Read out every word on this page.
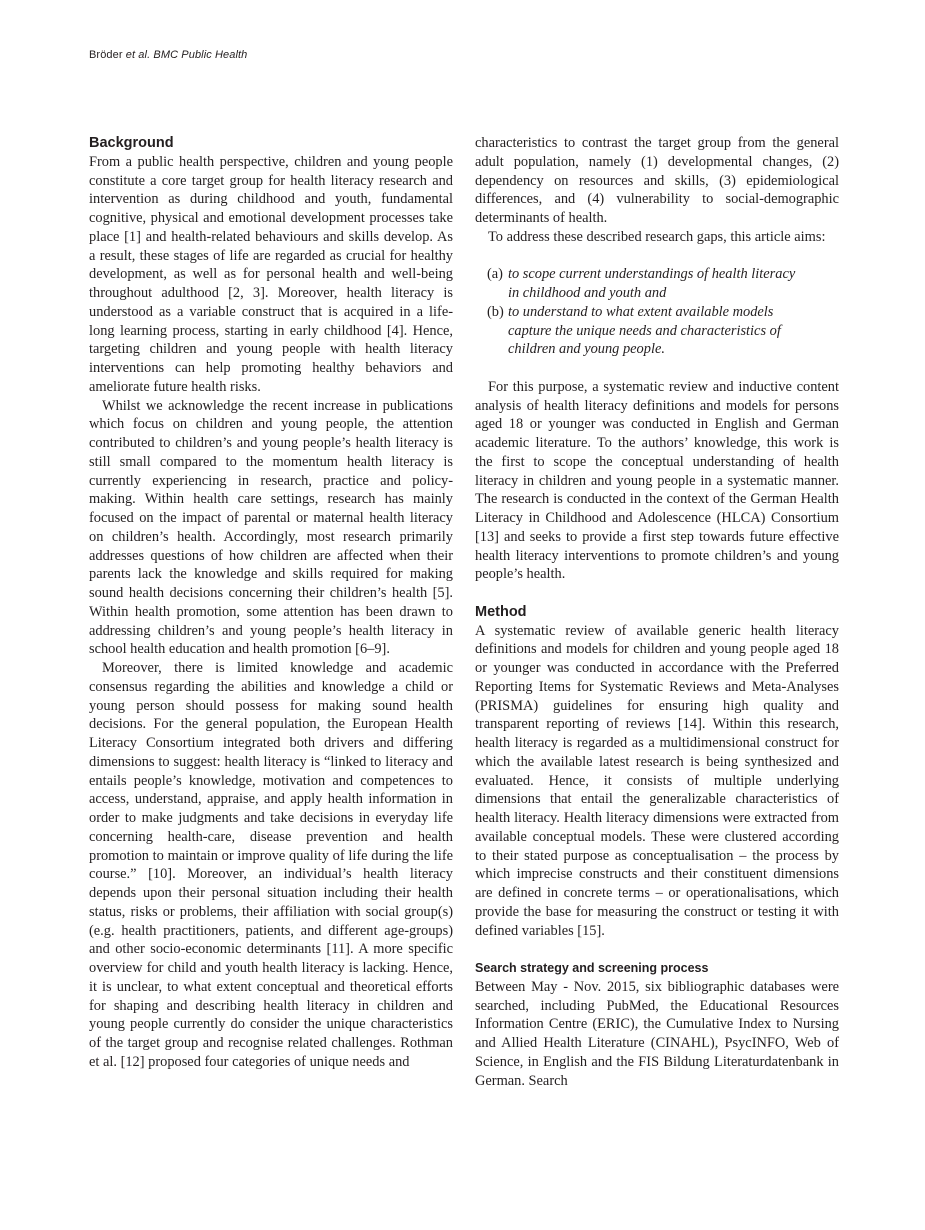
Bröder et al. BMC Public Health
Background

From a public health perspective, children and young people constitute a core target group for health literacy research and intervention as during childhood and youth, fundamental cognitive, physical and emotional development processes take place [1] and health-related behaviours and skills develop. As a result, these stages of life are regarded as crucial for healthy development, as well as for personal health and well-being throughout adulthood [2, 3]. Moreover, health literacy is understood as a variable construct that is acquired in a life-long learning process, starting in early childhood [4]. Hence, targeting children and young people with health literacy interventions can help promoting healthy behaviors and ameliorate future health risks.

Whilst we acknowledge the recent increase in publications which focus on children and young people, the attention contributed to children’s and young people’s health literacy is still small compared to the momentum health literacy is currently experiencing in research, practice and policy-making. Within health care settings, research has mainly focused on the impact of parental or maternal health literacy on children’s health. Accordingly, most research primarily addresses questions of how children are affected when their parents lack the knowledge and skills required for making sound health decisions concerning their children’s health [5]. Within health promotion, some attention has been drawn to addressing children’s and young people’s health literacy in school health education and health promotion [6–9].

Moreover, there is limited knowledge and academic consensus regarding the abilities and knowledge a child or young person should possess for making sound health decisions. For the general population, the European Health Literacy Consortium integrated both drivers and differing dimensions to suggest: health literacy is “linked to literacy and entails people’s knowledge, motivation and competences to access, understand, appraise, and apply health information in order to make judgments and take decisions in everyday life concerning health-care, disease prevention and health promotion to maintain or improve quality of life during the life course.” [10]. Moreover, an individual’s health literacy depends upon their personal situation including their health status, risks or problems, their affiliation with social group(s) (e.g. health practitioners, patients, and different age-groups) and other socio-economic determinants [11]. A more specific overview for child and youth health literacy is lacking. Hence, it is unclear, to what extent conceptual and theoretical efforts for shaping and describing health literacy in children and young people currently do consider the unique characteristics of the target group and recognise related challenges. Rothman et al. [12] proposed four categories of unique needs and

characteristics to contrast the target group from the general adult population, namely (1) developmental changes, (2) dependency on resources and skills, (3) epidemiological differences, and (4) vulnerability to social-demographic determinants of health.

To address these described research gaps, this article aims:

(a) to scope current understandings of health literacy in childhood and youth and
(b) to understand to what extent available models capture the unique needs and characteristics of children and young people.

For this purpose, a systematic review and inductive content analysis of health literacy definitions and models for persons aged 18 or younger was conducted in English and German academic literature. To the authors’ knowledge, this work is the first to scope the conceptual understanding of health literacy in children and young people in a systematic manner. The research is conducted in the context of the German Health Literacy in Childhood and Adolescence (HLCA) Consortium [13] and seeks to provide a first step towards future effective health literacy interventions to promote children’s and young people’s health.

Method

A systematic review of available generic health literacy definitions and models for children and young people aged 18 or younger was conducted in accordance with the Preferred Reporting Items for Systematic Reviews and Meta-Analyses (PRISMA) guidelines for ensuring high quality and transparent reporting of reviews [14]. Within this research, health literacy is regarded as a multidimensional construct for which the available latest research is being synthesized and evaluated. Hence, it consists of multiple underlying dimensions that entail the generalizable characteristics of health literacy. Health literacy dimensions were extracted from available conceptual models. These were clustered according to their stated purpose as conceptualisation – the process by which imprecise constructs and their constituent dimensions are defined in concrete terms – or operationalisations, which provide the base for measuring the construct or testing it with defined variables [15].

Search strategy and screening process

Between May - Nov. 2015, six bibliographic databases were searched, including PubMed, the Educational Resources Information Centre (ERIC), the Cumulative Index to Nursing and Allied Health Literature (CINAHL), PsycINFO, Web of Science, in English and the FIS Bildung Literaturdatenbank in German. Search
